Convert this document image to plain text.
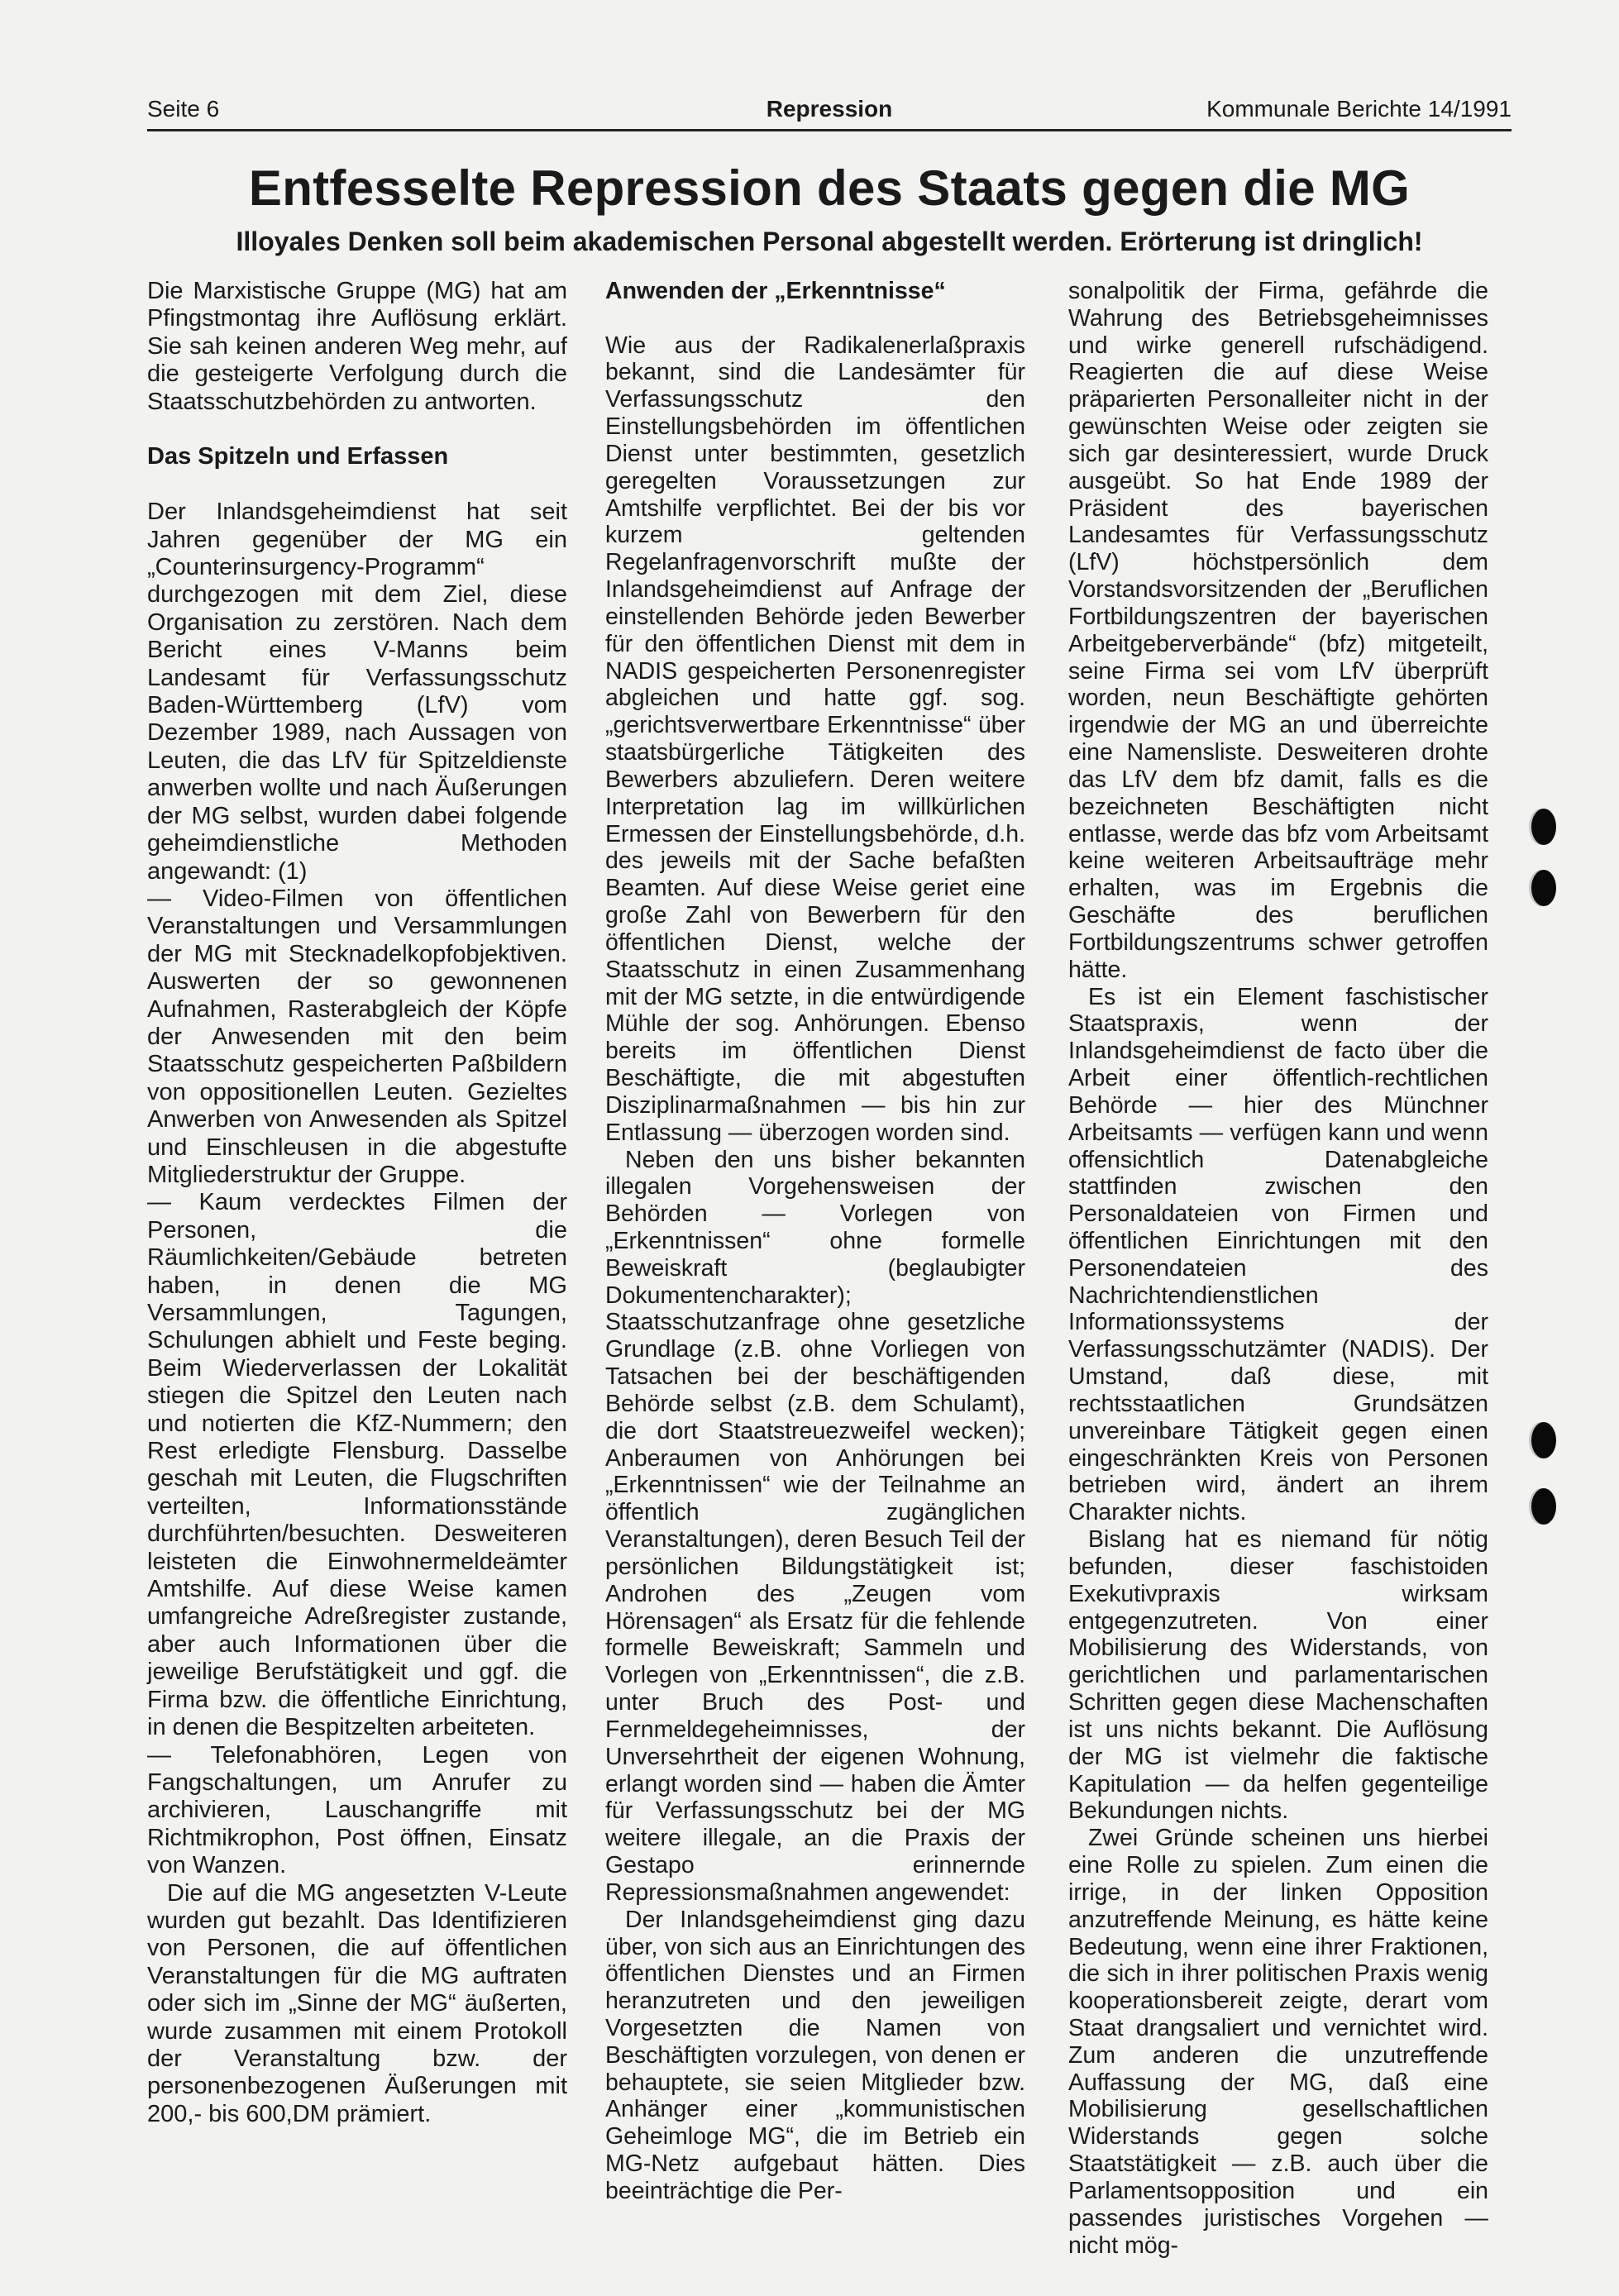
Seite 6	Repression	Kommunale Berichte 14/1991
Entfesselte Repression des Staats gegen die MG
Illoyales Denken soll beim akademischen Personal abgestellt werden. Erörterung ist dringlich!

Die Marxistische Gruppe (MG) hat am Pfingstmontag ihre Auflösung erklärt. Sie sah keinen anderen Weg mehr, auf die gesteigerte Verfolgung durch die Staatsschutzbehörden zu antworten.

Das Spitzeln und Erfassen

Der Inlandsgeheimdienst hat seit Jahren gegenüber der MG ein „Counterinsurgency-Programm“ durchgezogen mit dem Ziel, diese Organisation zu zerstören. Nach dem Bericht eines V-Manns beim Landesamt für Verfassungsschutz Baden-Württemberg (LfV) vom Dezember 1989, nach Aussagen von Leuten, die das LfV für Spitzeldienste anwerben wollte und nach Äußerungen der MG selbst, wurden dabei folgende geheimdienstliche Methoden angewandt: (1)

— Video-Filmen von öffentlichen Veranstaltungen und Versammlungen der MG mit Stecknadelkopfobjektiven. Auswerten der so gewonnenen Aufnahmen, Rasterabgleich der Köpfe der Anwesenden mit den beim Staatsschutz gespeicherten Paßbildern von oppositionellen Leuten. Gezieltes Anwerben von Anwesenden als Spitzel und Einschleusen in die abgestufte Mitgliederstruktur der Gruppe.

— Kaum verdecktes Filmen der Personen, die Räumlichkeiten/Gebäude betreten haben, in denen die MG Versammlungen, Tagungen, Schulungen abhielt und Feste beging. Beim Wiederverlassen der Lokalität stiegen die Spitzel den Leuten nach und notierten die KfZ-Nummern; den Rest erledigte Flensburg. Dasselbe geschah mit Leuten, die Flugschriften verteilten, Informationsstände durchführten/besuchten. Desweiteren leisteten die Einwohnermeldeämter Amtshilfe. Auf diese Weise kamen umfangreiche Adreßregister zustande, aber auch Informationen über die jeweilige Berufstätigkeit und ggf. die Firma bzw. die öffentliche Einrichtung, in denen die Bespitzelten arbeiteten.

— Telefonabhören, Legen von Fangschaltungen, um Anrufer zu archivieren, Lauschangriffe mit Richtmikrophon, Post öffnen, Einsatz von Wanzen.

Die auf die MG angesetzten V-Leute wurden gut bezahlt. Das Identifizieren von Personen, die auf öffentlichen Veranstaltungen für die MG auftraten oder sich im „Sinne der MG“ äußerten, wurde zusammen mit einem Protokoll der Veranstaltung bzw. der personenbezogenen Äußerungen mit 200,- bis 600,DM prämiert.

Anwenden der „Erkenntnisse“

Wie aus der Radikalenerlaßpraxis bekannt, sind die Landesämter für Verfassungsschutz den Einstellungsbehörden im öffentlichen Dienst unter bestimmten, gesetzlich geregelten Voraussetzungen zur Amtshilfe verpflichtet. Bei der bis vor kurzem geltenden Regelanfragenvorschrift mußte der Inlandsgeheimdienst auf Anfrage der einstellenden Behörde jeden Bewerber für den öffentlichen Dienst mit dem in NADIS gespeicherten Personenregister abgleichen und hatte ggf. sog. „gerichtsverwertbare Erkenntnisse“ über staatsbürgerliche Tätigkeiten des Bewerbers abzuliefern. Deren weitere Interpretation lag im willkürlichen Ermessen der Einstellungsbehörde, d.h. des jeweils mit der Sache befaßten Beamten. Auf diese Weise geriet eine große Zahl von Bewerbern für den öffentlichen Dienst, welche der Staatsschutz in einen Zusammenhang mit der MG setzte, in die entwürdigende Mühle der sog. Anhörungen. Ebenso bereits im öffentlichen Dienst Beschäftigte, die mit abgestuften Disziplinarmaßnahmen — bis hin zur Entlassung — überzogen worden sind.

Neben den uns bisher bekannten illegalen Vorgehensweisen der Behörden — Vorlegen von „Erkenntnissen“ ohne formelle Beweiskraft (beglaubigter Dokumentencharakter); Staatsschutzanfrage ohne gesetzliche Grundlage (z.B. ohne Vorliegen von Tatsachen bei der beschäftigenden Behörde selbst (z.B. dem Schulamt), die dort Staatstreuezweifel wecken); Anberaumen von Anhörungen bei „Erkenntnissen“ wie der Teilnahme an öffentlich zugänglichen Veranstaltungen), deren Besuch Teil der persönlichen Bildungstätigkeit ist; Androhen des „Zeugen vom Hörensagen“ als Ersatz für die fehlende formelle Beweiskraft; Sammeln und Vorlegen von „Erkenntnissen“, die z.B. unter Bruch des Post- und Fernmeldegeheimnisses, der Unversehrtheit der eigenen Wohnung, erlangt worden sind — haben die Ämter für Verfassungsschutz bei der MG weitere illegale, an die Praxis der Gestapo erinnernde Repressionsmaßnahmen angewendet:

Der Inlandsgeheimdienst ging dazu über, von sich aus an Einrichtungen des öffentlichen Dienstes und an Firmen heranzutreten und den jeweiligen Vorgesetzten die Namen von Beschäftigten vorzulegen, von denen er behauptete, sie seien Mitglieder bzw. Anhänger einer „kommunistischen Geheimloge MG“, die im Betrieb ein MG-Netz aufgebaut hätten. Dies beeinträchtige die Per-

sonalpolitik der Firma, gefährde die Wahrung des Betriebsgeheimnisses und wirke generell rufschädigend. Reagierten die auf diese Weise präparierten Personalleiter nicht in der gewünschten Weise oder zeigten sie sich gar desinteressiert, wurde Druck ausgeübt. So hat Ende 1989 der Präsident des bayerischen Landesamtes für Verfassungsschutz (LfV) höchstpersönlich dem Vorstandsvorsitzenden der „Beruflichen Fortbildungszentren der bayerischen Arbeitgeberverbände“ (bfz) mitgeteilt, seine Firma sei vom LfV überprüft worden, neun Beschäftigte gehörten irgendwie der MG an und überreichte eine Namensliste. Desweiteren drohte das LfV dem bfz damit, falls es die bezeichneten Beschäftigten nicht entlasse, werde das bfz vom Arbeitsamt keine weiteren Arbeitsaufträge mehr erhalten, was im Ergebnis die Geschäfte des beruflichen Fortbildungszentrums schwer getroffen hätte.

Es ist ein Element faschistischer Staatspraxis, wenn der Inlandsgeheimdienst de facto über die Arbeit einer öffentlich-rechtlichen Behörde — hier des Münchner Arbeitsamts — verfügen kann und wenn offensichtlich Datenabgleiche stattfinden zwischen den Personaldateien von Firmen und öffentlichen Einrichtungen mit den Personendateien des Nachrichtendienstlichen Informationssystems der Verfassungsschutzämter (NADIS). Der Umstand, daß diese, mit rechtsstaatlichen Grundsätzen unvereinbare Tätigkeit gegen einen eingeschränkten Kreis von Personen betrieben wird, ändert an ihrem Charakter nichts.

Bislang hat es niemand für nötig befunden, dieser faschistoiden Exekutivpraxis wirksam entgegenzutreten. Von einer Mobilisierung des Widerstands, von gerichtlichen und parlamentarischen Schritten gegen diese Machenschaften ist uns nichts bekannt. Die Auflösung der MG ist vielmehr die faktische Kapitulation — da helfen gegenteilige Bekundungen nichts.

Zwei Gründe scheinen uns hierbei eine Rolle zu spielen. Zum einen die irrige, in der linken Opposition anzutreffende Meinung, es hätte keine Bedeutung, wenn eine ihrer Fraktionen, die sich in ihrer politischen Praxis wenig kooperationsbereit zeigte, derart vom Staat drangsaliert und vernichtet wird. Zum anderen die unzutreffende Auffassung der MG, daß eine Mobilisierung gesellschaftlichen Widerstands gegen solche Staatstätigkeit — z.B. auch über die Parlamentsopposition und ein passendes juristisches Vorgehen — nicht mög-
